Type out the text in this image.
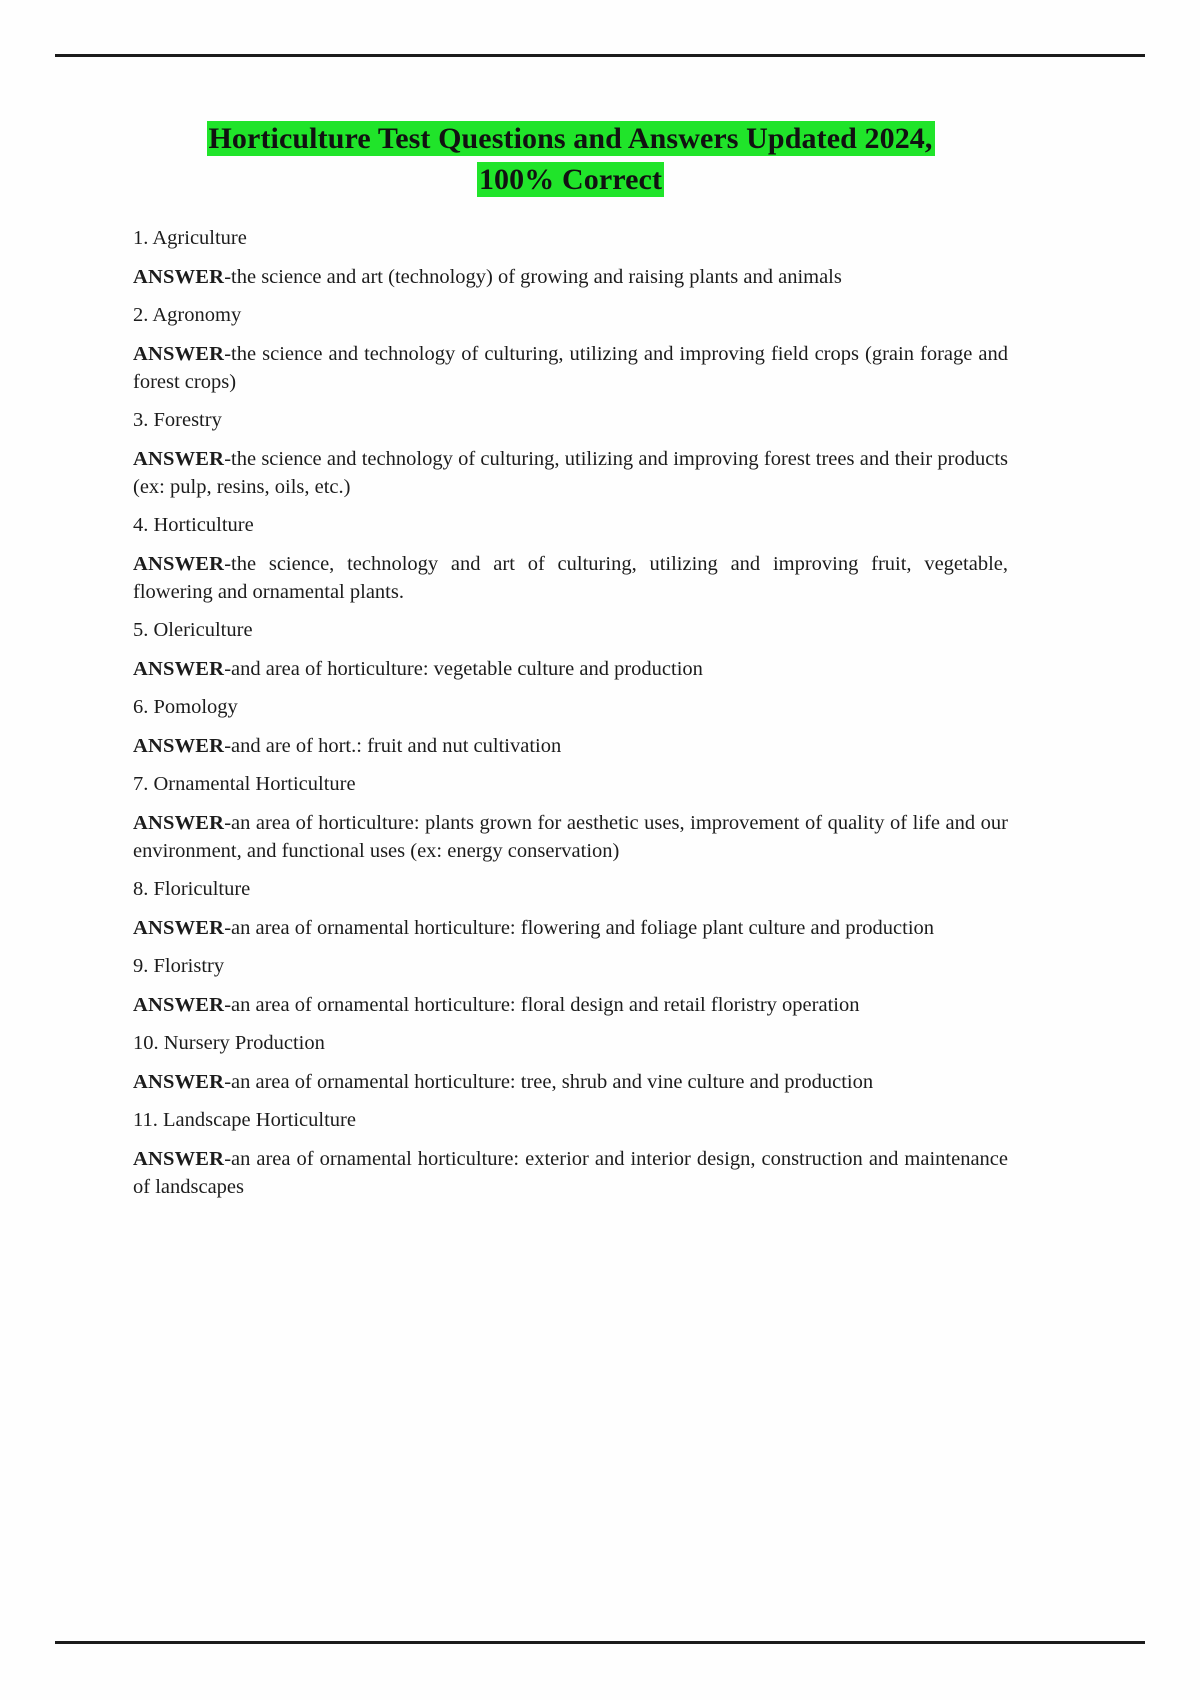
Horticulture Test Questions and Answers Updated 2024,
100% Correct

1. Agriculture

ANSWER-the science and art (technology) of growing and raising plants and animals

2. Agronomy

ANSWER-the science and technology of culturing, utilizing and improving field crops (grain forage and forest crops)

3. Forestry

ANSWER-the science and technology of culturing, utilizing and improving forest trees and their products (ex: pulp, resins, oils, etc.)

4. Horticulture

ANSWER-the science, technology and art of culturing, utilizing and improving fruit, vegetable, flowering and ornamental plants.

5. Olericulture

ANSWER-and area of horticulture: vegetable culture and production

6. Pomology

ANSWER-and are of hort.: fruit and nut cultivation

7. Ornamental Horticulture

ANSWER-an area of horticulture: plants grown for aesthetic uses, improvement of quality of life and our environment, and functional uses (ex: energy conservation)

8. Floriculture

ANSWER-an area of ornamental horticulture: flowering and foliage plant culture and production

9. Floristry

ANSWER-an area of ornamental horticulture: floral design and retail floristry operation

10. Nursery Production

ANSWER-an area of ornamental horticulture: tree, shrub and vine culture and production

11. Landscape Horticulture

ANSWER-an area of ornamental horticulture: exterior and interior design, construction and maintenance of landscapes
